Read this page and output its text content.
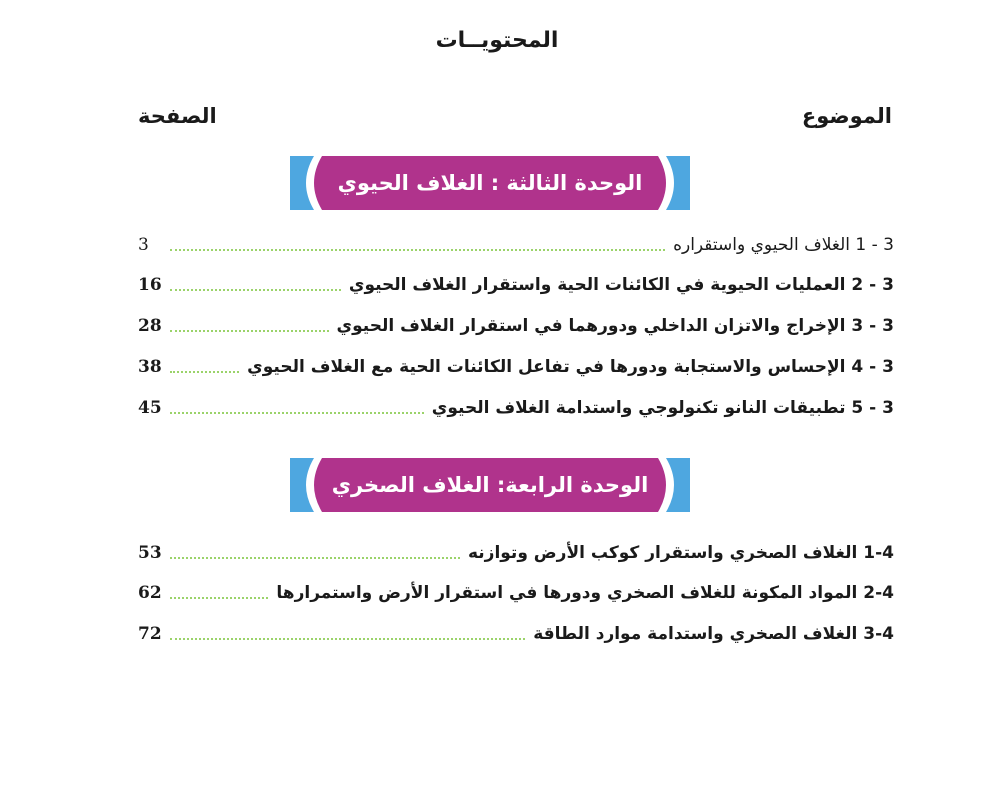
المحتويــات
الموضوع
الصفحة
الوحدة الثالثة : الغلاف الحيوي
3 - 1 الغلاف الحيوي واستقراره
3
3 - 2 العمليات الحيوية في الكائنات الحية واستقرار الغلاف الحيوي
16
3 - 3 الإخراج والاتزان الداخلي ودورهما في استقرار الغلاف الحيوي
28
3 - 4 الإحساس والاستجابة ودورها في تفاعل الكائنات الحية مع الغلاف الحيوي
38
3 - 5 تطبيقات النانو تكنولوجي واستدامة الغلاف الحيوي
45
الوحدة الرابعة: الغلاف الصخري
1-4 الغلاف الصخري واستقرار كوكب الأرض وتوازنه
53
2-4 المواد المكونة للغلاف الصخري ودورها في استقرار الأرض واستمرارها
62
3-4 الغلاف الصخري واستدامة موارد الطاقة
72
